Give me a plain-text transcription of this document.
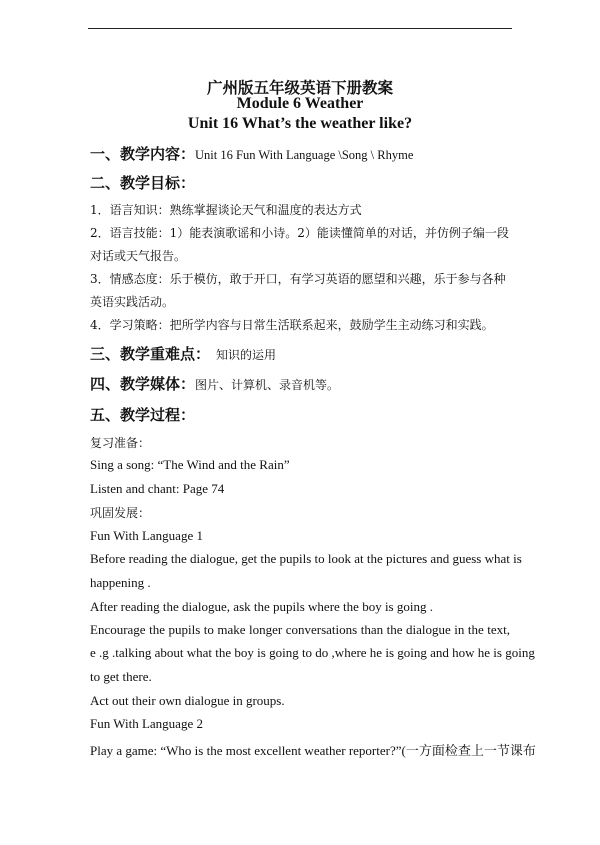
广州版五年级英语下册教案
Module 6 Weather
Unit 16 What’s the weather like?
一、教学内容：Unit 16 Fun With Language \Song \ Rhyme
二、教学目标：
1．语言知识：熟练掌握谈论天气和温度的表达方式
2．语言技能：1）能表演歌谣和小诗。2）能读懂简单的对话，并仿例子编一段
对话或天气报告。
3．情感态度：乐于模仿，敢于开口，有学习英语的愿望和兴趣，乐于参与各种
英语实践活动。
4．学习策略：把所学内容与日常生活联系起来，鼓励学生主动练习和实践。
三、教学重难点： 知识的运用
四、教学媒体：图片、计算机、录音机等。
五、教学过程：
复习准备：
Sing a song: “The Wind and the Rain”
Listen and chant: Page 74
巩固发展：
Fun With Language 1
Before reading the dialogue, get the pupils to look at the pictures and guess what is
happening .
After reading the dialogue, ask the pupils where the boy is going .
Encourage the pupils to make longer conversations than the dialogue in the text,
e .g .talking about what the boy is going to do ,where he is going and how he is going
to get there.
Act out their own dialogue in groups.
Fun With Language 2
Play a game: “Who is the most excellent weather reporter?”(一方面检查上一节课布
